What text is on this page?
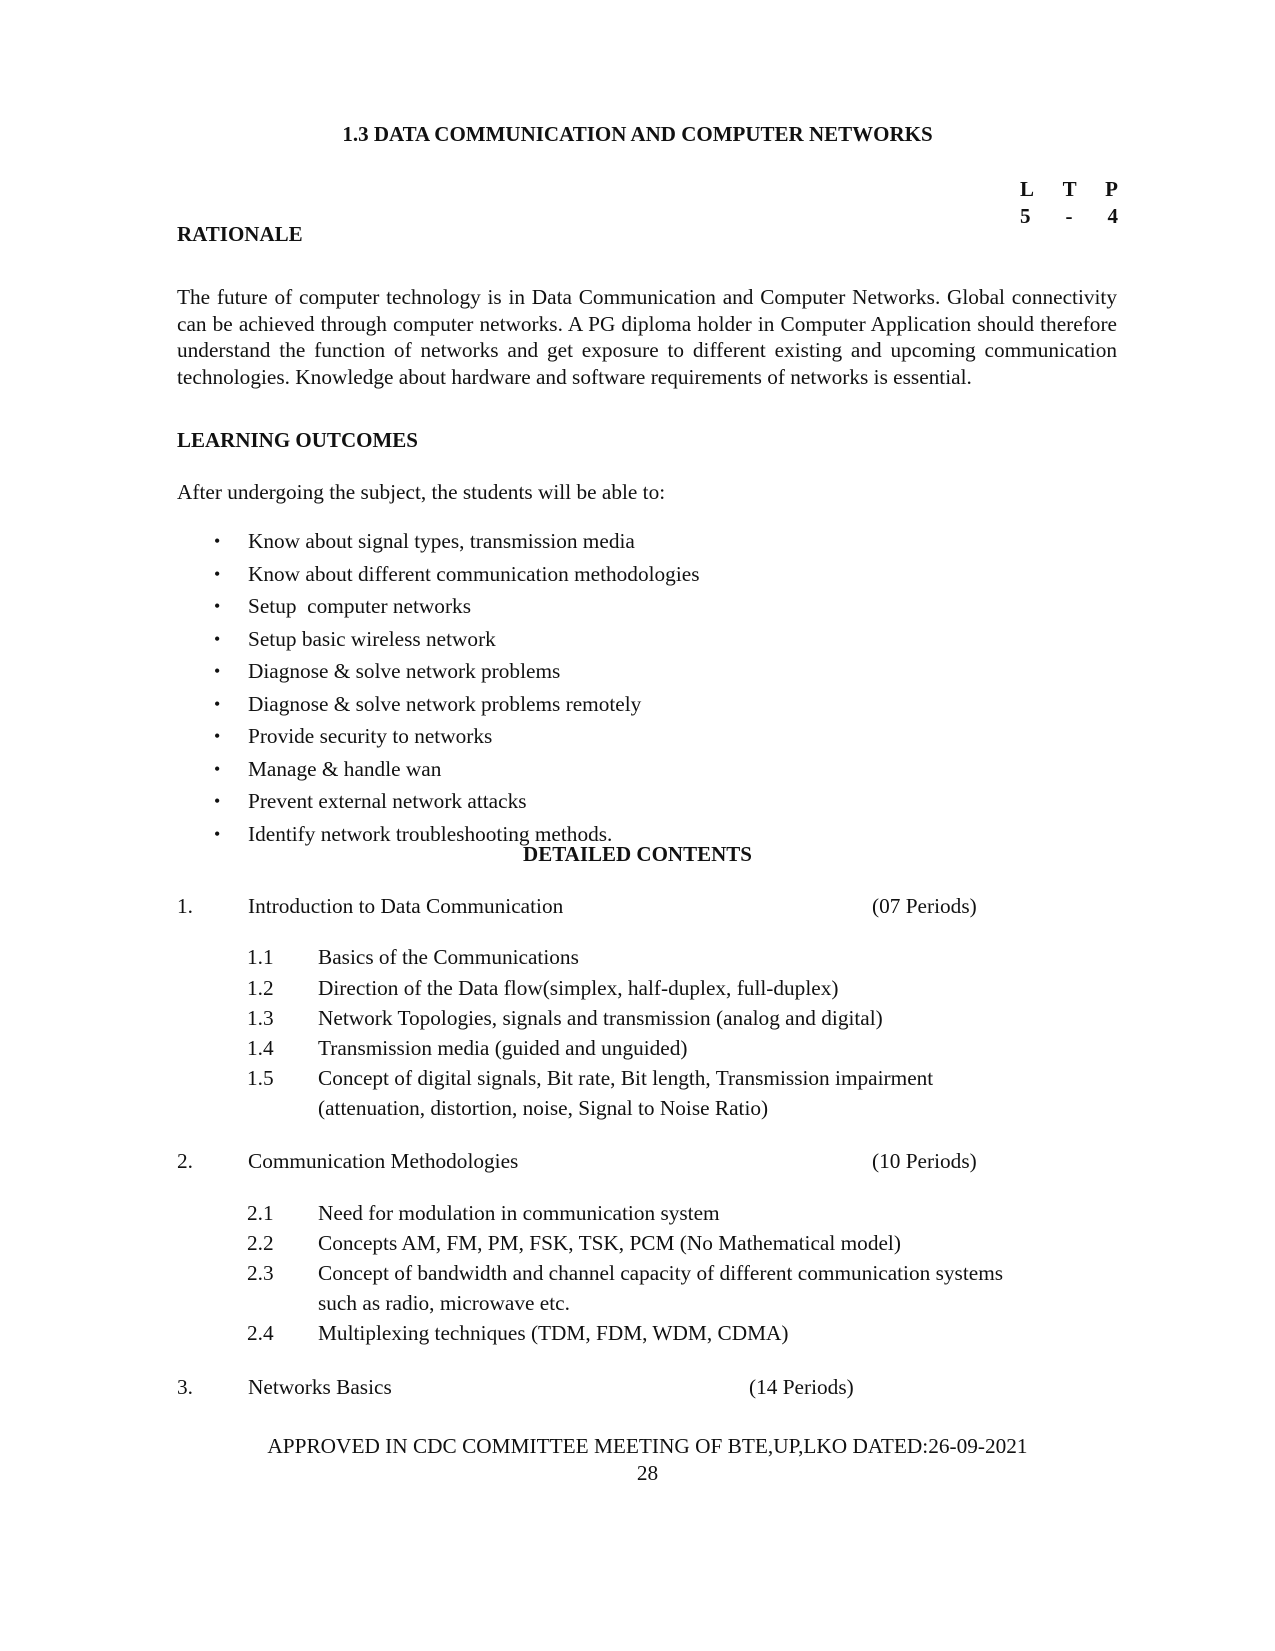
1.3 DATA COMMUNICATION AND COMPUTER NETWORKS
L T P
5 - 4
RATIONALE
The future of computer technology is in Data Communication and Computer Networks. Global connectivity can be achieved through computer networks. A PG diploma holder in Computer Application should therefore understand the function of networks and get exposure to different existing and upcoming communication technologies. Knowledge about hardware and software requirements of networks is essential.
LEARNING OUTCOMES
After undergoing the subject, the students will be able to:
• Know about signal types, transmission media
• Know about different communication methodologies
• Setup  computer networks
• Setup basic wireless network
• Diagnose & solve network problems
• Diagnose & solve network problems remotely
• Provide security to networks
• Manage & handle wan
• Prevent external network attacks
• Identify network troubleshooting methods.
DETAILED CONTENTS
1.	Introduction to Data Communication	(07 Periods)
1.1 Basics of the Communications
1.2 Direction of the Data flow(simplex, half-duplex, full-duplex)
1.3 Network Topologies, signals and transmission (analog and digital)
1.4 Transmission media (guided and unguided)
1.5 Concept of digital signals, Bit rate, Bit length, Transmission impairment
(attenuation, distortion, noise, Signal to Noise Ratio)
2.	Communication Methodologies	(10 Periods)
2.1 Need for modulation in communication system
2.2 Concepts AM, FM, PM, FSK, TSK, PCM (No Mathematical model)
2.3 Concept of bandwidth and channel capacity of different communication systems
such as radio, microwave etc.
2.4 Multiplexing techniques (TDM, FDM, WDM, CDMA)
3.	Networks Basics	(14 Periods)
APPROVED IN CDC COMMITTEE MEETING OF BTE,UP,LKO DATED:26-09-2021
28
